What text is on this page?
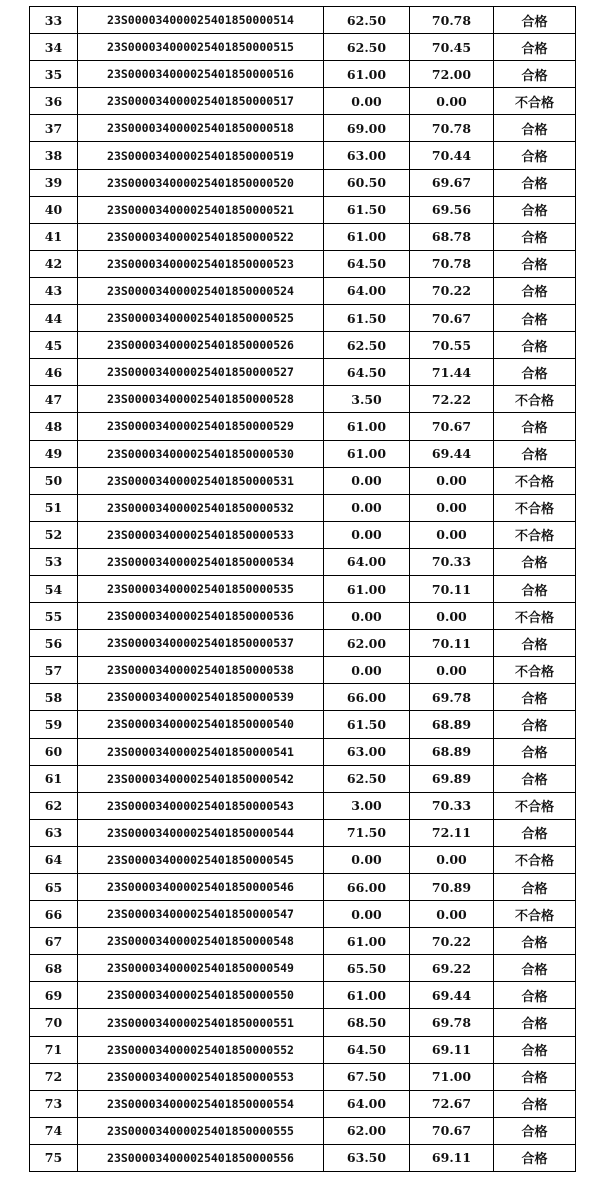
33	23S000034000025401850000514	62.50	70.78	合格
34	23S000034000025401850000515	62.50	70.45	合格
35	23S000034000025401850000516	61.00	72.00	合格
36	23S000034000025401850000517	0.00	0.00	不合格
37	23S000034000025401850000518	69.00	70.78	合格
38	23S000034000025401850000519	63.00	70.44	合格
39	23S000034000025401850000520	60.50	69.67	合格
40	23S000034000025401850000521	61.50	69.56	合格
41	23S000034000025401850000522	61.00	68.78	合格
42	23S000034000025401850000523	64.50	70.78	合格
43	23S000034000025401850000524	64.00	70.22	合格
44	23S000034000025401850000525	61.50	70.67	合格
45	23S000034000025401850000526	62.50	70.55	合格
46	23S000034000025401850000527	64.50	71.44	合格
47	23S000034000025401850000528	3.50	72.22	不合格
48	23S000034000025401850000529	61.00	70.67	合格
49	23S000034000025401850000530	61.00	69.44	合格
50	23S000034000025401850000531	0.00	0.00	不合格
51	23S000034000025401850000532	0.00	0.00	不合格
52	23S000034000025401850000533	0.00	0.00	不合格
53	23S000034000025401850000534	64.00	70.33	合格
54	23S000034000025401850000535	61.00	70.11	合格
55	23S000034000025401850000536	0.00	0.00	不合格
56	23S000034000025401850000537	62.00	70.11	合格
57	23S000034000025401850000538	0.00	0.00	不合格
58	23S000034000025401850000539	66.00	69.78	合格
59	23S000034000025401850000540	61.50	68.89	合格
60	23S000034000025401850000541	63.00	68.89	合格
61	23S000034000025401850000542	62.50	69.89	合格
62	23S000034000025401850000543	3.00	70.33	不合格
63	23S000034000025401850000544	71.50	72.11	合格
64	23S000034000025401850000545	0.00	0.00	不合格
65	23S000034000025401850000546	66.00	70.89	合格
66	23S000034000025401850000547	0.00	0.00	不合格
67	23S000034000025401850000548	61.00	70.22	合格
68	23S000034000025401850000549	65.50	69.22	合格
69	23S000034000025401850000550	61.00	69.44	合格
70	23S000034000025401850000551	68.50	69.78	合格
71	23S000034000025401850000552	64.50	69.11	合格
72	23S000034000025401850000553	67.50	71.00	合格
73	23S000034000025401850000554	64.00	72.67	合格
74	23S000034000025401850000555	62.00	70.67	合格
75	23S000034000025401850000556	63.50	69.11	合格
